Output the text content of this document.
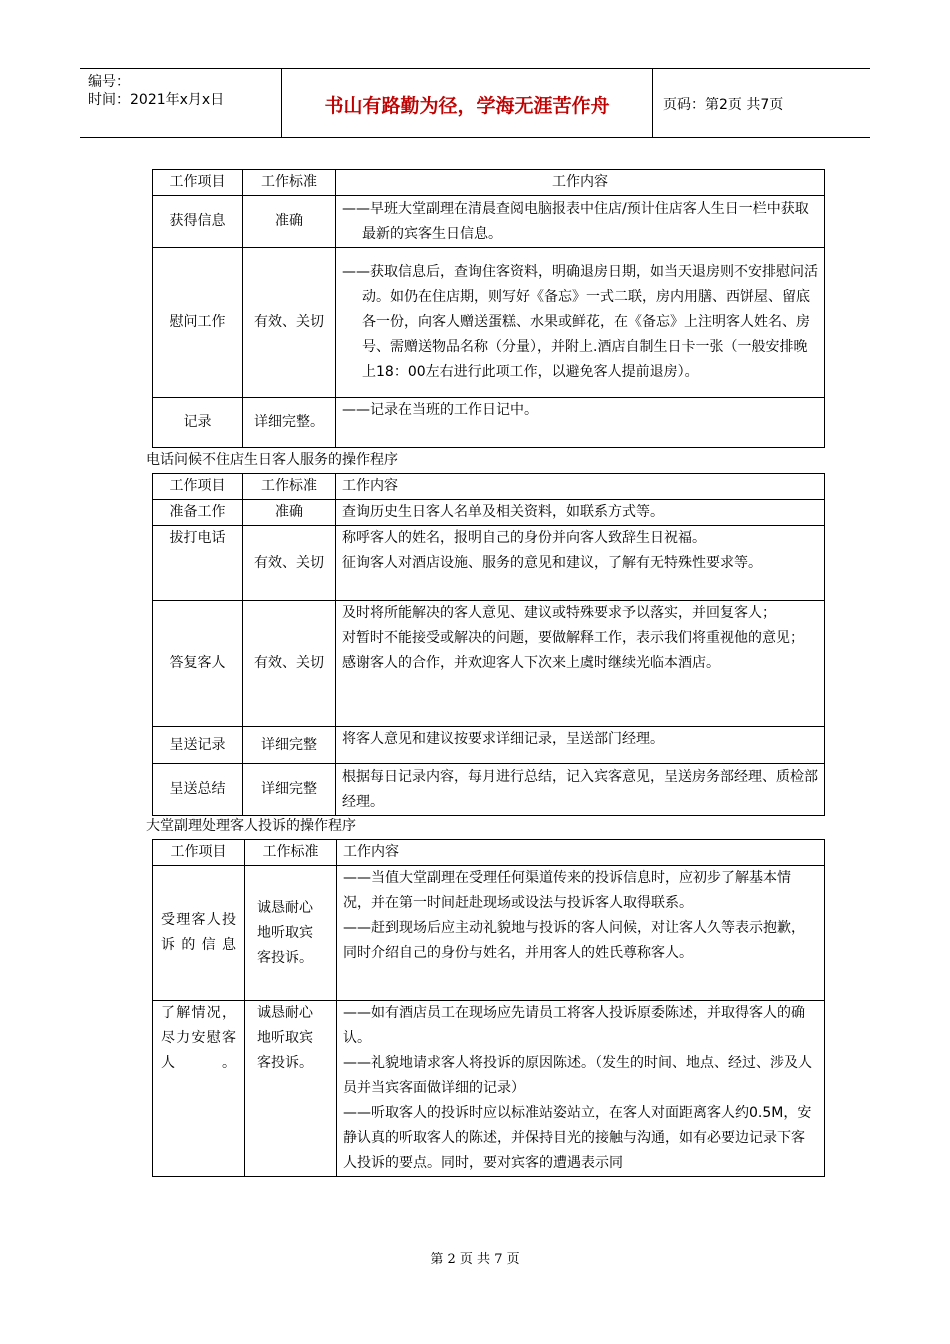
编号：
时间：2021年x月x日	书山有路勤为径，学海无涯苦作舟	页码：第2页 共7页
工作项目	工作标准	工作内容
获得信息	准确	——早班大堂副理在清晨查阅电脑报表中住店/预计住店客人生日一栏中获取最新的宾客生日信息。

慰问工作	有效、关切	——获取信息后，查询住客资料，明确退房日期，如当天退房则不安排慰问活动。如仍在住店期，则写好《备忘》一式二联，房内用膳、西饼屋、留底各一份，向客人赠送蛋糕、水果或鲜花，在《备忘》上注明客人姓名、房号、需赠送物品名称（分量），并附上.酒店自制生日卡一张（一般安排晚上18：00左右进行此项工作，以避免客人提前退房）。

记录	详细完整。	——记录在当班的工作日记中。
电话问候不住店生日客人服务的操作程序
工作项目	工作标准	工作内容
准备工作	准确	查询历史生日客人名单及相关资料，如联系方式等。
拔打电话	有效、关切	称呼客人的姓名，报明自己的身份并向客人致辞生日祝福。
征询客人对酒店设施、服务的意见和建议，了解有无特殊性要求等。

答复客人	有效、关切	及时将所能解决的客人意见、建议或特殊要求予以落实，并回复客人；
对暂时不能接受或解决的问题，要做解释工作，表示我们将重视他的意见；
感谢客人的合作，并欢迎客人下次来上虞时继续光临本酒店。

呈送记录	详细完整	将客人意见和建议按要求详细记录，呈送部门经理。
呈送总结	详细完整	根据每日记录内容，每月进行总结，记入宾客意见，呈送房务部经理、质检部经理。
大堂副理处理客人投诉的操作程序
工作项目	工作标准	工作内容
受理客人投诉的信息	诚恳耐心地听取宾客投诉。	——当值大堂副理在受理任何渠道传来的投诉信息时，应初步了解基本情况，并在第一时间赶赴现场或设法与投诉客人取得联系。
——赶到现场后应主动礼貌地与投诉的客人问候，对让客人久等表示抱歉，同时介绍自己的身份与姓名，并用客人的姓氏尊称客人。

了解情况，尽力安慰客人。	诚恳耐心地听取宾客投诉。	——如有酒店员工在现场应先请员工将客人投诉原委陈述，并取得客人的确认。
——礼貌地请求客人将投诉的原因陈述。（发生的时间、地点、经过、涉及人员并当宾客面做详细的记录）
——听取客人的投诉时应以标准站姿站立，在客人对面距离客人约0.5M，安静认真的听取客人的陈述，并保持目光的接触与沟通，如有必要边记录下客人投诉的要点。同时，要对宾客的遭遇表示同
第 2 页 共 7 页
